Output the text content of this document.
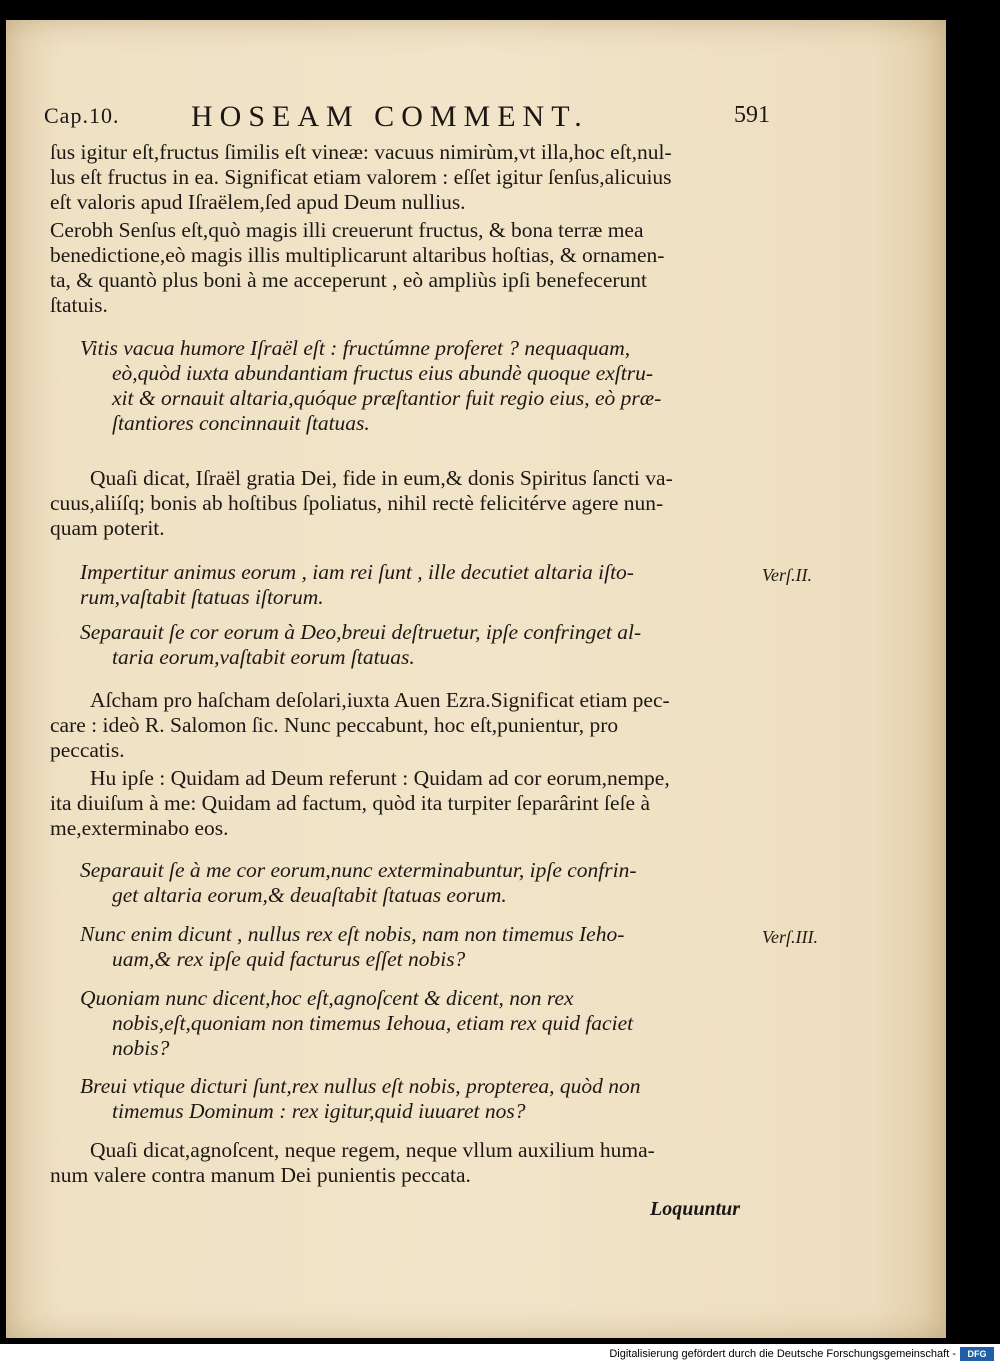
Cap.10. HOSEAM COMMENT.	591
ſus igitur eſt,fructus ſimilis eſt vineæ: vacuus nimirùm,vt illa,hoc eſt,nul-
lus eſt fructus in ea. Significat etiam valorem : eſſet igitur ſenſus,alicuius
eſt valoris apud Iſraëlem,ſed apud Deum nullius.
Cerobh Senſus eſt,quò magis illi creuerunt fructus, & bona terræ mea
benedictione,eò magis illis multiplicarunt altaribus hoſtias, & ornamen-
ta, & quantò plus boni à me acceperunt , eò ampliùs ipſi benefecerunt
ſtatuis.
Vitis vacua humore Iſraël eſt : fructúmne proferet ? nequaquam,
eò,quòd iuxta abundantiam fructus eius abundè quoque exſtru-
xit & ornauit altaria,quóque præſtantior fuit regio eius, eò præ-
ſtantiores concinnauit ſtatuas.
Quaſi dicat, Iſraël gratia Dei, fide in eum,& donis Spiritus ſancti va-
cuus,aliíſq; bonis ab hoſtibus ſpoliatus, nihil rectè felicitérve agere nun-
quam poterit.
Impertitur animus eorum , iam rei ſunt , ille decutiet altaria iſto-
rum,vaſtabit ſtatuas iſtorum.
Verſ.II.
Separauit ſe cor eorum à Deo,breui deſtruetur, ipſe confringet al-
taria eorum,vaſtabit eorum ſtatuas.
Aſcham pro haſcham deſolari,iuxta Auen Ezra.Significat etiam pec-
care : ideò R. Salomon ſic. Nunc peccabunt, hoc eſt,punientur, pro
peccatis.
Hu ipſe : Quidam ad Deum referunt : Quidam ad cor eorum,nempe,
ita diuiſum à me: Quidam ad factum, quòd ita turpiter ſeparârint ſeſe à
me,exterminabo eos.
Separauit ſe à me cor eorum,nunc exterminabuntur, ipſe confrin-
get altaria eorum,& deuaſtabit ſtatuas eorum.
Nunc enim dicunt , nullus rex eſt nobis, nam non timemus Ieho-
uam,& rex ipſe quid facturus eſſet nobis?
Verſ.III.
Quoniam nunc dicent,hoc eſt,agnoſcent & dicent, non rex
nobis,eſt,quoniam non timemus Iehoua, etiam rex quid faciet
nobis?
Breui vtique dicturi ſunt,rex nullus eſt nobis, propterea, quòd non
timemus Dominum : rex igitur,quid iuuaret nos?
Quaſi dicat,agnoſcent, neque regem, neque vllum auxilium huma-
num valere contra manum Dei punientis peccata.
Loquuntur
Digitalisierung gefördert durch die Deutsche Forschungsgemeinschaft -	DFG
